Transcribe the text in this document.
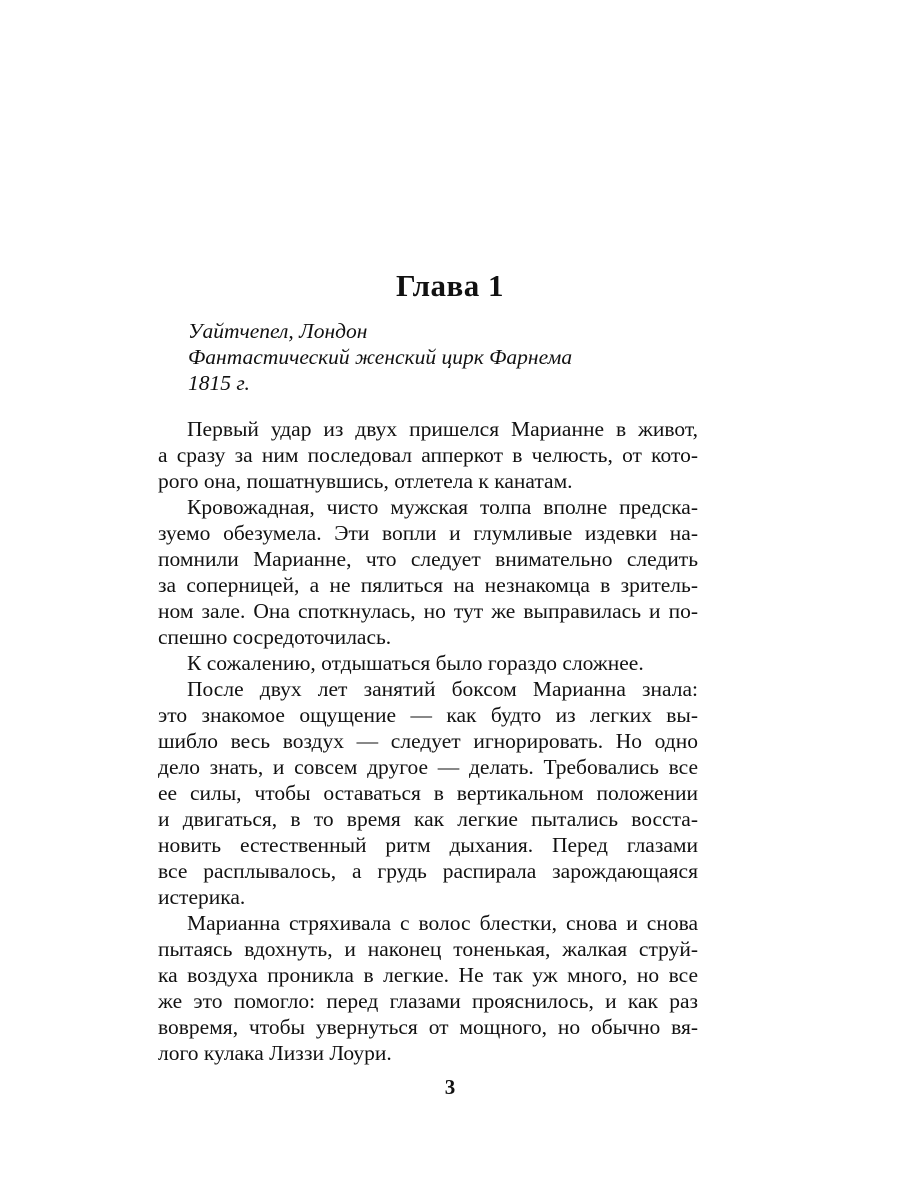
Глава 1
Уайтчепел, Лондон
Фантастический женский цирк Фарнема
1815 г.
Первый удар из двух пришелся Марианне в живот,
а сразу за ним последовал апперкот в челюсть, от кото-
рого она, пошатнувшись, отлетела к канатам.
Кровожадная, чисто мужская толпа вполне предска-
зуемо обезумела. Эти вопли и глумливые издевки на-
помнили Марианне, что следует внимательно следить
за соперницей, а не пялиться на незнакомца в зритель-
ном зале. Она споткнулась, но тут же выправилась и по-
спешно сосредоточилась.
К сожалению, отдышаться было гораздо сложнее.
После двух лет занятий боксом Марианна знала:
это знакомое ощущение — как будто из легких вы-
шибло весь воздух — следует игнорировать. Но одно
дело знать, и совсем другое — делать. Требовались все
ее силы, чтобы оставаться в вертикальном положении
и двигаться, в то время как легкие пытались восста-
новить естественный ритм дыхания. Перед глазами
все расплывалось, а грудь распирала зарождающаяся
истерика.
Марианна стряхивала с волос блестки, снова и снова
пытаясь вдохнуть, и наконец тоненькая, жалкая струй-
ка воздуха проникла в легкие. Не так уж много, но все
же это помогло: перед глазами прояснилось, и как раз
вовремя, чтобы увернуться от мощного, но обычно вя-
лого кулака Лиззи Лоури.
3
